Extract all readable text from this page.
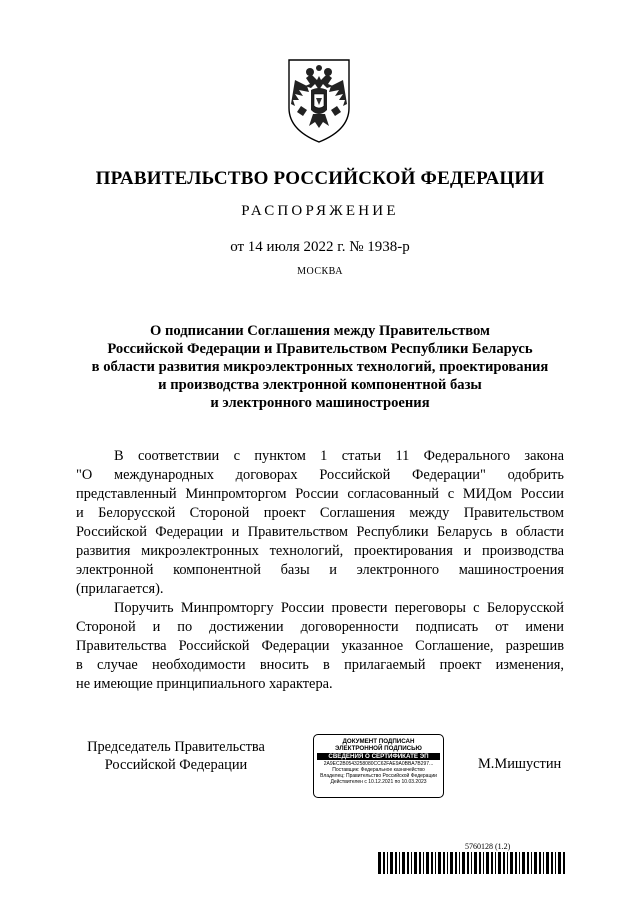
ПРАВИТЕЛЬСТВО РОССИЙСКОЙ ФЕДЕРАЦИИ
РАСПОРЯЖЕНИЕ
от 14 июля 2022 г. № 1938-р
МОСКВА
О подписании Соглашения между Правительством
Российской Федерации и Правительством Республики Беларусь
в области развития микроэлектронных технологий, проектирования
и производства электронной компонентной базы
и электронного машиностроения
В соответствии с пунктом 1 статьи 11 Федерального закона
"О международных договорах Российской Федерации" одобрить
представленный Минпромторгом России согласованный с МИДом России
и Белорусской Стороной проект Соглашения между Правительством
Российской Федерации и Правительством Республики Беларусь в области
развития микроэлектронных технологий, проектирования и производства
электронной компонентной базы и электронного машиностроения
(прилагается).
Поручить Минпромторгу России провести переговоры с Белорусской
Стороной и по достижении договоренности подписать от имени
Правительства Российской Федерации указанное Соглашение, разрешив
в случае необходимости вносить в прилагаемый проект изменения,
не имеющие принципиального характера.
Председатель Правительства
Российской Федерации
ДОКУМЕНТ ПОДПИСАН
ЭЛЕКТРОННОЙ ПОДПИСЬЮ
СВЕДЕНИЯ О СЕРТИФИКАТЕ ЭП
2A9EC2B0543258080CC62FAE9A0BBA7B297...
Поставщик: Федеральное казначейство
Владелец: Правительство Российской Федерации
Действителен с 10.12.2021 по 10.03.2023
М.Мишустин
5760128 (1.2)
